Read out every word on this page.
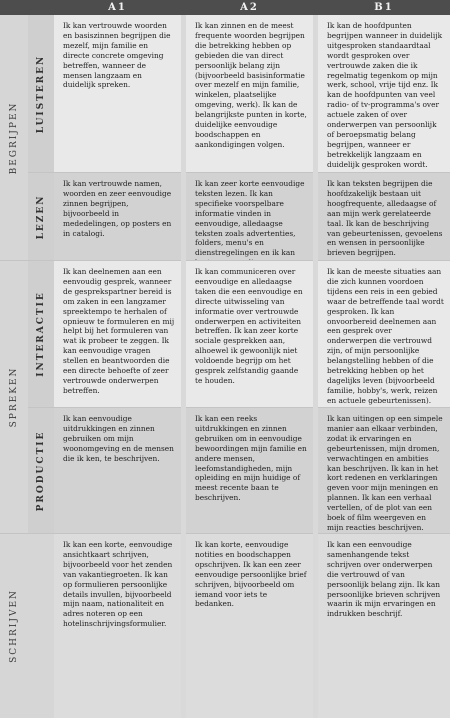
A1	A2	B1
BEGRIJPEN
SPREKEN
SCHRIJVEN
LUISTEREN
Ik kan vertrouwde woorden en basiszinnen begrijpen die mezelf, mijn familie en directe concrete omgeving betreffen, wanneer de mensen langzaam en duidelijk spreken.
Ik kan zinnen en de meest frequente woorden begrijpen die betrekking hebben op gebieden die van direct persoonlijk belang zijn (bijvoorbeeld basisinformatie over mezelf en mijn familie, winkelen, plaatselijke omgeving, werk). Ik kan de belangrijkste punten in korte, duidelijke eenvoudige boodschappen en aankondigingen volgen.
Ik kan de hoofdpunten begrijpen wanneer in duidelijk uitgesproken standaardtaal wordt gesproken over vertrouwde zaken die ik regelmatig tegenkom op mijn werk, school, vrije tijd enz. Ik kan de hoofdpunten van veel radio- of tv-programma's over actuele zaken of over onderwerpen van persoonlijk of beroepsmatig belang begrijpen, wanneer er betrekkelijk langzaam en duidelijk gesproken wordt.
LEZEN
Ik kan vertrouwde namen, woorden en zeer eenvoudige zinnen begrijpen, bijvoorbeeld in mededelingen, op posters en in catalogi.
Ik kan zeer korte eenvoudige teksten lezen. Ik kan specifieke voorspelbare informatie vinden in eenvoudige, alledaagse teksten zoals advertenties, folders, menu's en dienstregelingen en ik kan
Ik kan teksten begrijpen die hoofdzakelijk bestaan uit hoogfrequente, alledaagse of aan mijn werk gerelateerde taal. Ik kan de beschrijving van gebeurtenissen, gevoelens en wensen in persoonlijke brieven begrijpen.
INTERACTIE
Ik kan deelnemen aan een eenvoudig gesprek, wanneer de gesprekspartner bereid is om zaken in een langzamer spreektempo te herhalen of opnieuw te formuleren en mij helpt bij het formuleren van wat ik probeer te zeggen. Ik kan eenvoudige vragen stellen en beantwoorden die een directe behoefte of zeer vertrouwde onderwerpen betreffen.
Ik kan communiceren over eenvoudige en alledaagse taken die een eenvoudige en directe uitwisseling van informatie over vertrouwde onderwerpen en activiteiten betreffen. Ik kan zeer korte sociale gesprekken aan, alhoewel ik gewoonlijk niet voldoende begrijp om het gesprek zelfstandig gaande te houden.
Ik kan de meeste situaties aan die zich kunnen voordoen tijdens een reis in een gebied waar de betreffende taal wordt gesproken. Ik kan onvoorbereid deelnemen aan een gesprek over onderwerpen die vertrouwd zijn, of mijn persoonlijke belangstelling hebben of die betrekking hebben op het dagelijks leven (bijvoorbeeld familie, hobby's, werk, reizen en actuele gebeurtenissen).
PRODUCTIE
Ik kan eenvoudige uitdrukkingen en zinnen gebruiken om mijn woonomgeving en de mensen die ik ken, te beschrijven.
Ik kan een reeks uitdrukkingen en zinnen gebruiken om in eenvoudige bewoordingen mijn familie en andere mensen, leefomstandigheden, mijn opleiding en mijn huidige of meest recente baan te beschrijven.
Ik kan uitingen op een simpele manier aan elkaar verbinden, zodat ik ervaringen en gebeurtenissen, mijn dromen, verwachtingen en ambities kan beschrijven. Ik kan in het kort redenen en verklaringen geven voor mijn meningen en plannen. Ik kan een verhaal vertellen, of de plot van een boek of film weergeven en mijn reacties beschrijven.
Ik kan een korte, eenvoudige ansichtkaart schrijven, bijvoorbeeld voor het zenden van vakantiegroeten. Ik kan op formulieren persoonlijke details invullen, bijvoorbeeld mijn naam, nationaliteit en adres noteren op een hotelinschrijvingsformulier.
Ik kan korte, eenvoudige notities en boodschappen opschrijven. Ik kan een zeer eenvoudige persoonlijke brief schrijven, bijvoorbeeld om iemand voor iets te bedanken.
Ik kan een eenvoudige samenhangende tekst schrijven over onderwerpen die vertrouwd of van persoonlijk belang zijn. Ik kan persoonlijke brieven schrijven waarin ik mijn ervaringen en indrukken beschrijf.
